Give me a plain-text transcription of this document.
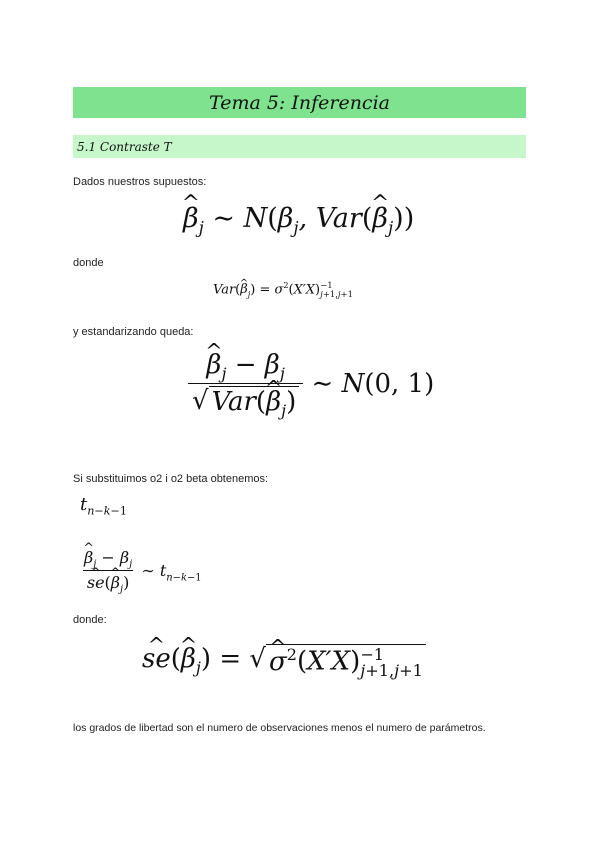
Tema 5: Inferencia
5.1 Contraste T
Dados nuestros supuestos:
^ $\beta_j$ ∼ $N(\beta_j$, Var(^ $\beta_j$))
donde
Var(^ $\beta_j) = \sigma^2(X'X) -1$
j+1,j+1
y estandarizando queda:
^ $\frac{\beta_j - \beta_j}{√ Var(\^{} \beta_j)}$ ∼ N(0, 1)
Si substituimos o2 i o2 beta obtenemos:
$t_{n-k-1}$
^ $\beta_j - \beta_j$
^ se(^ $\beta_j$) ∼ $t_{n-k-1}$
donde:
^ se(^ $\beta_j$) = √
^ $\sigma^2(X'X) -1$
j+1,j+1
los grados de libertad son el numero de observaciones menos el numero de parámetros.
